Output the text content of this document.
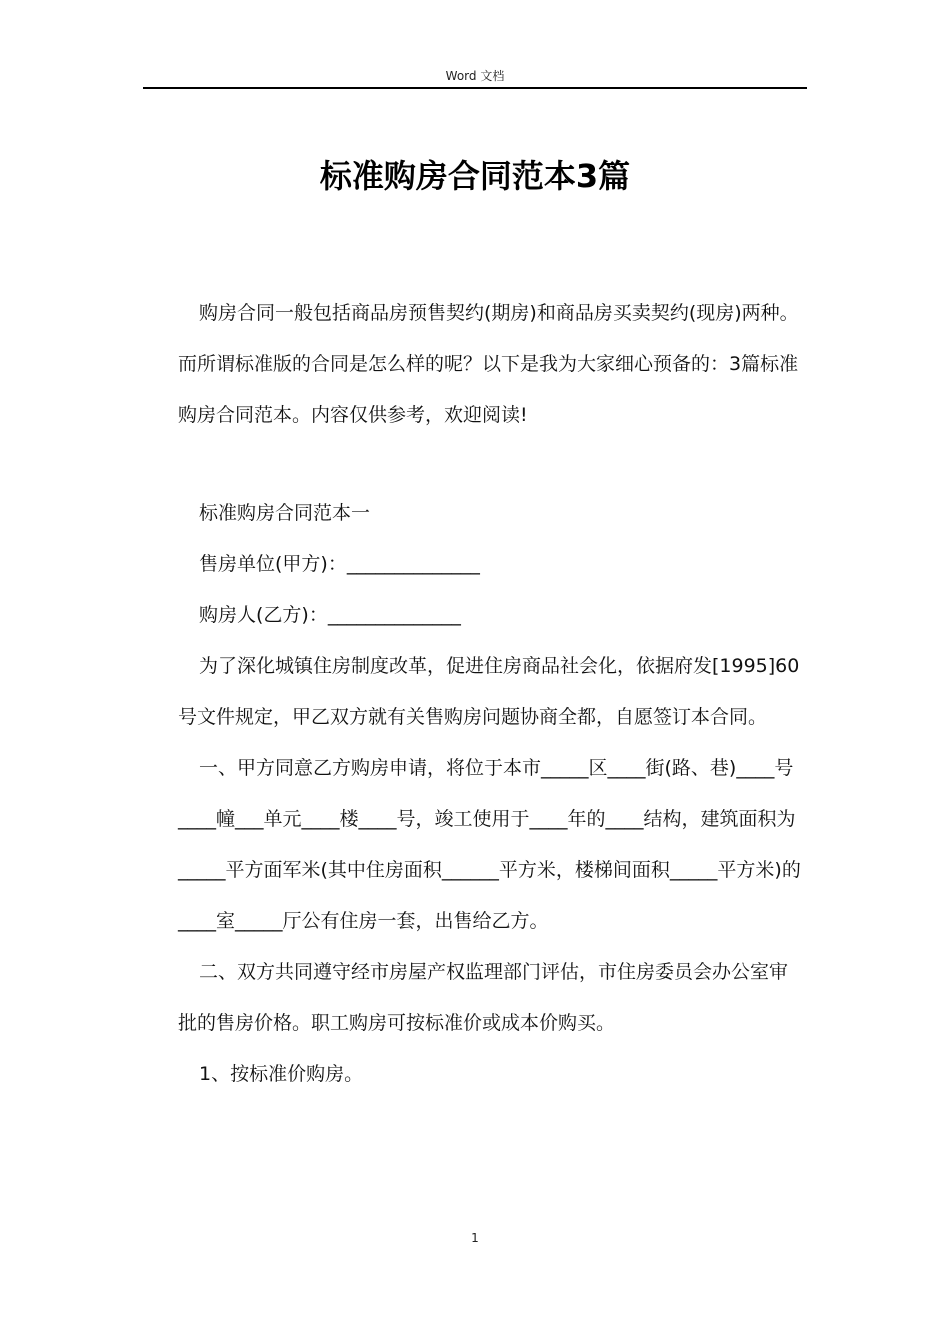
Word 文档
标准购房合同范本3篇

购房合同一般包括商品房预售契约(期房)和商品房买卖契约(现房)两种。而所谓标准版的合同是怎么样的呢？以下是我为大家细心预备的：3篇标准购房合同范本。内容仅供参考，欢迎阅读!

标准购房合同范本一

售房单位(甲方)：______________

购房人(乙方)：______________

为了深化城镇住房制度改革，促进住房商品社会化，依据府发[1995]60号文件规定，甲乙双方就有关售购房问题协商全都，自愿签订本合同。

一、甲方同意乙方购房申请，将位于本市_____区____街(路、巷)____号____幢___单元____楼____号，竣工使用于____年的____结构，建筑面积为_____平方面军米(其中住房面积______平方米，楼梯间面积_____平方米)的____室_____厅公有住房一套，出售给乙方。

二、双方共同遵守经市房屋产权监理部门评估，市住房委员会办公室审批的售房价格。职工购房可按标准价或成本价购买。

1、按标准价购房。

1
